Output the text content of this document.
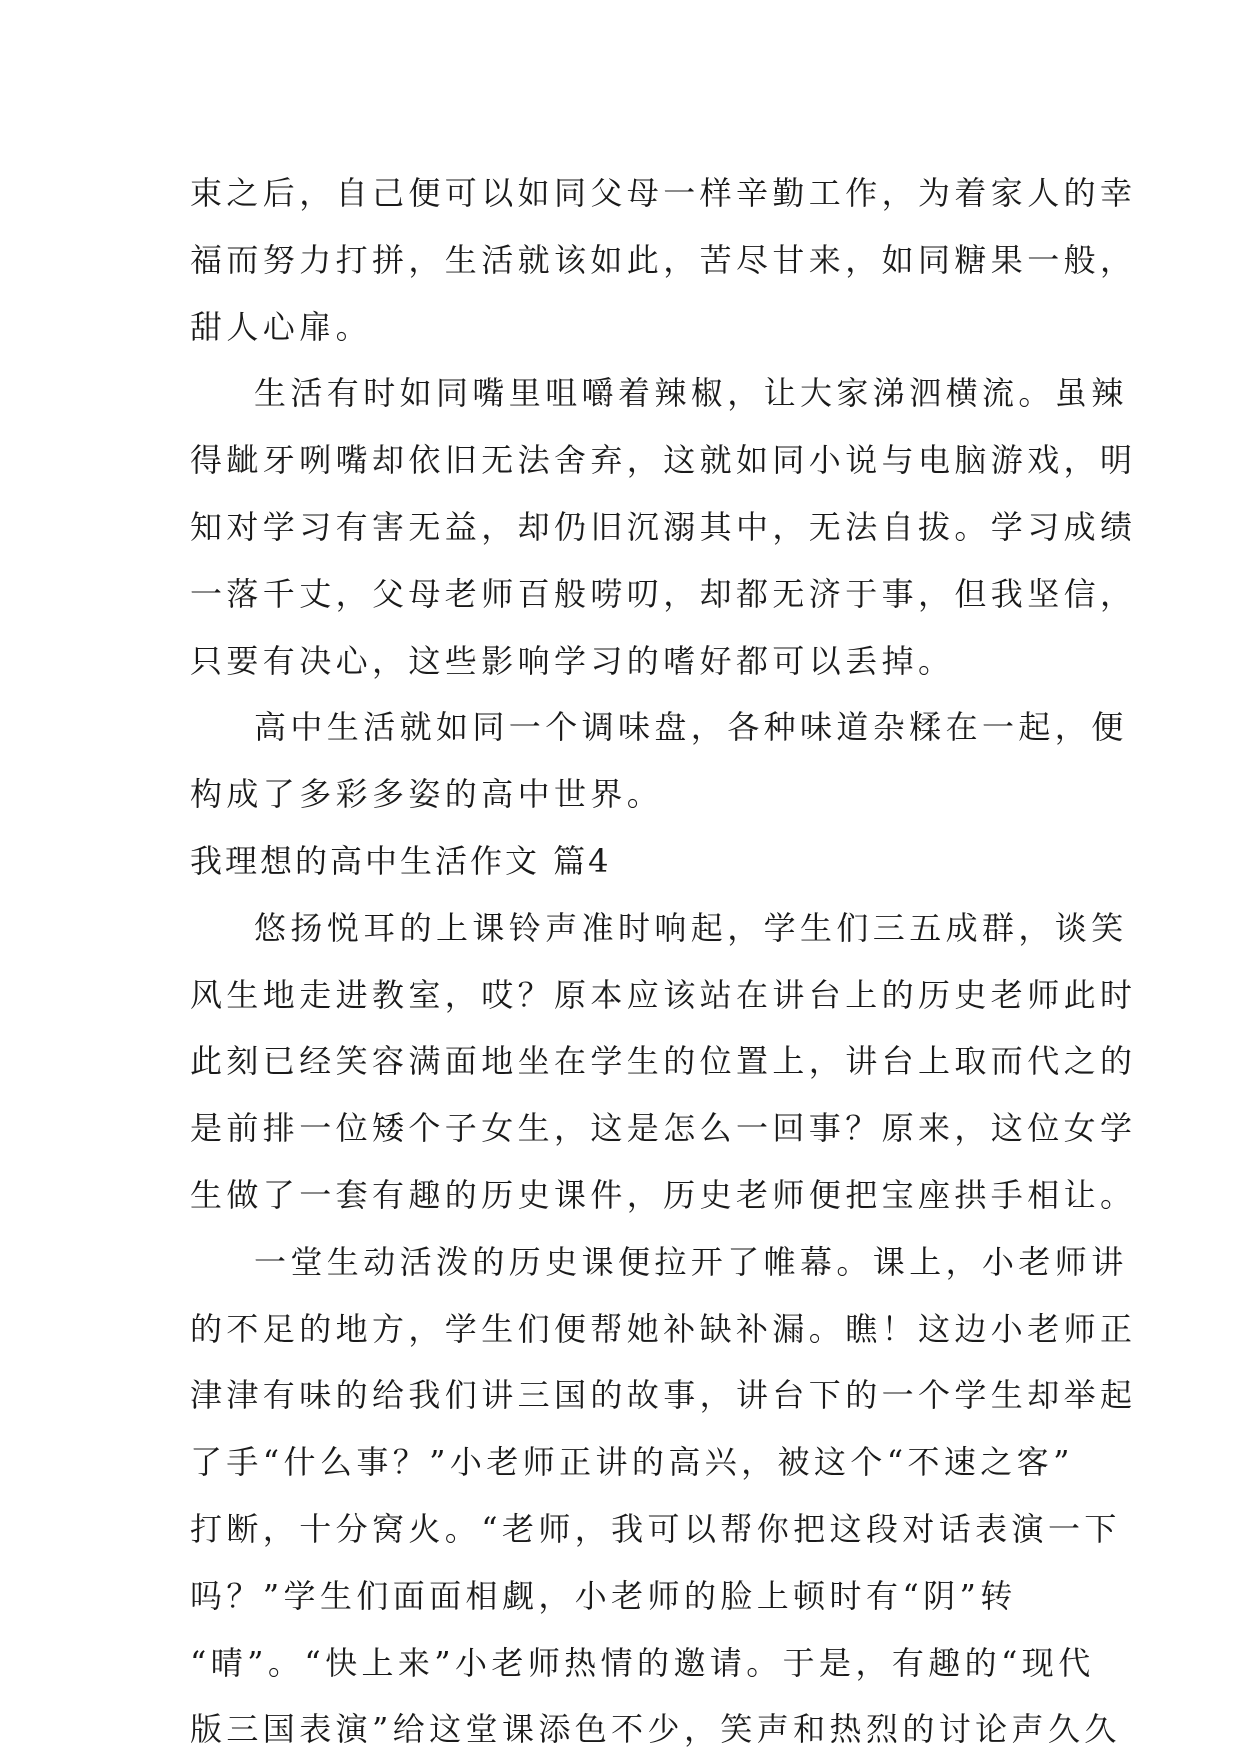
束之后，自己便可以如同父母一样辛勤工作，为着家人的幸
福而努力打拼，生活就该如此，苦尽甘来，如同糖果一般，
甜人心扉。
生活有时如同嘴里咀嚼着辣椒，让大家涕泗横流。虽辣
得龇牙咧嘴却依旧无法舍弃，这就如同小说与电脑游戏，明
知对学习有害无益，却仍旧沉溺其中，无法自拔。学习成绩
一落千丈，父母老师百般唠叨，却都无济于事，但我坚信，
只要有决心，这些影响学习的嗜好都可以丢掉。
高中生活就如同一个调味盘，各种味道杂糅在一起，便
构成了多彩多姿的高中世界。
我理想的高中生活作文 篇4
悠扬悦耳的上课铃声准时响起，学生们三五成群，谈笑
风生地走进教室，哎？原本应该站在讲台上的历史老师此时
此刻已经笑容满面地坐在学生的位置上，讲台上取而代之的
是前排一位矮个子女生，这是怎么一回事？原来，这位女学
生做了一套有趣的历史课件，历史老师便把宝座拱手相让。
一堂生动活泼的历史课便拉开了帷幕。课上，小老师讲
的不足的地方，学生们便帮她补缺补漏。瞧！这边小老师正
津津有味的给我们讲三国的故事，讲台下的一个学生却举起
了手“什么事？”小老师正讲的高兴，被这个“不速之客”
打断，十分窝火。“老师，我可以帮你把这段对话表演一下
吗？”学生们面面相觑，小老师的脸上顿时有“阴”转
“晴”。“快上来”小老师热情的邀请。于是，有趣的“现代
版三国表演”给这堂课添色不少，笑声和热烈的讨论声久久
